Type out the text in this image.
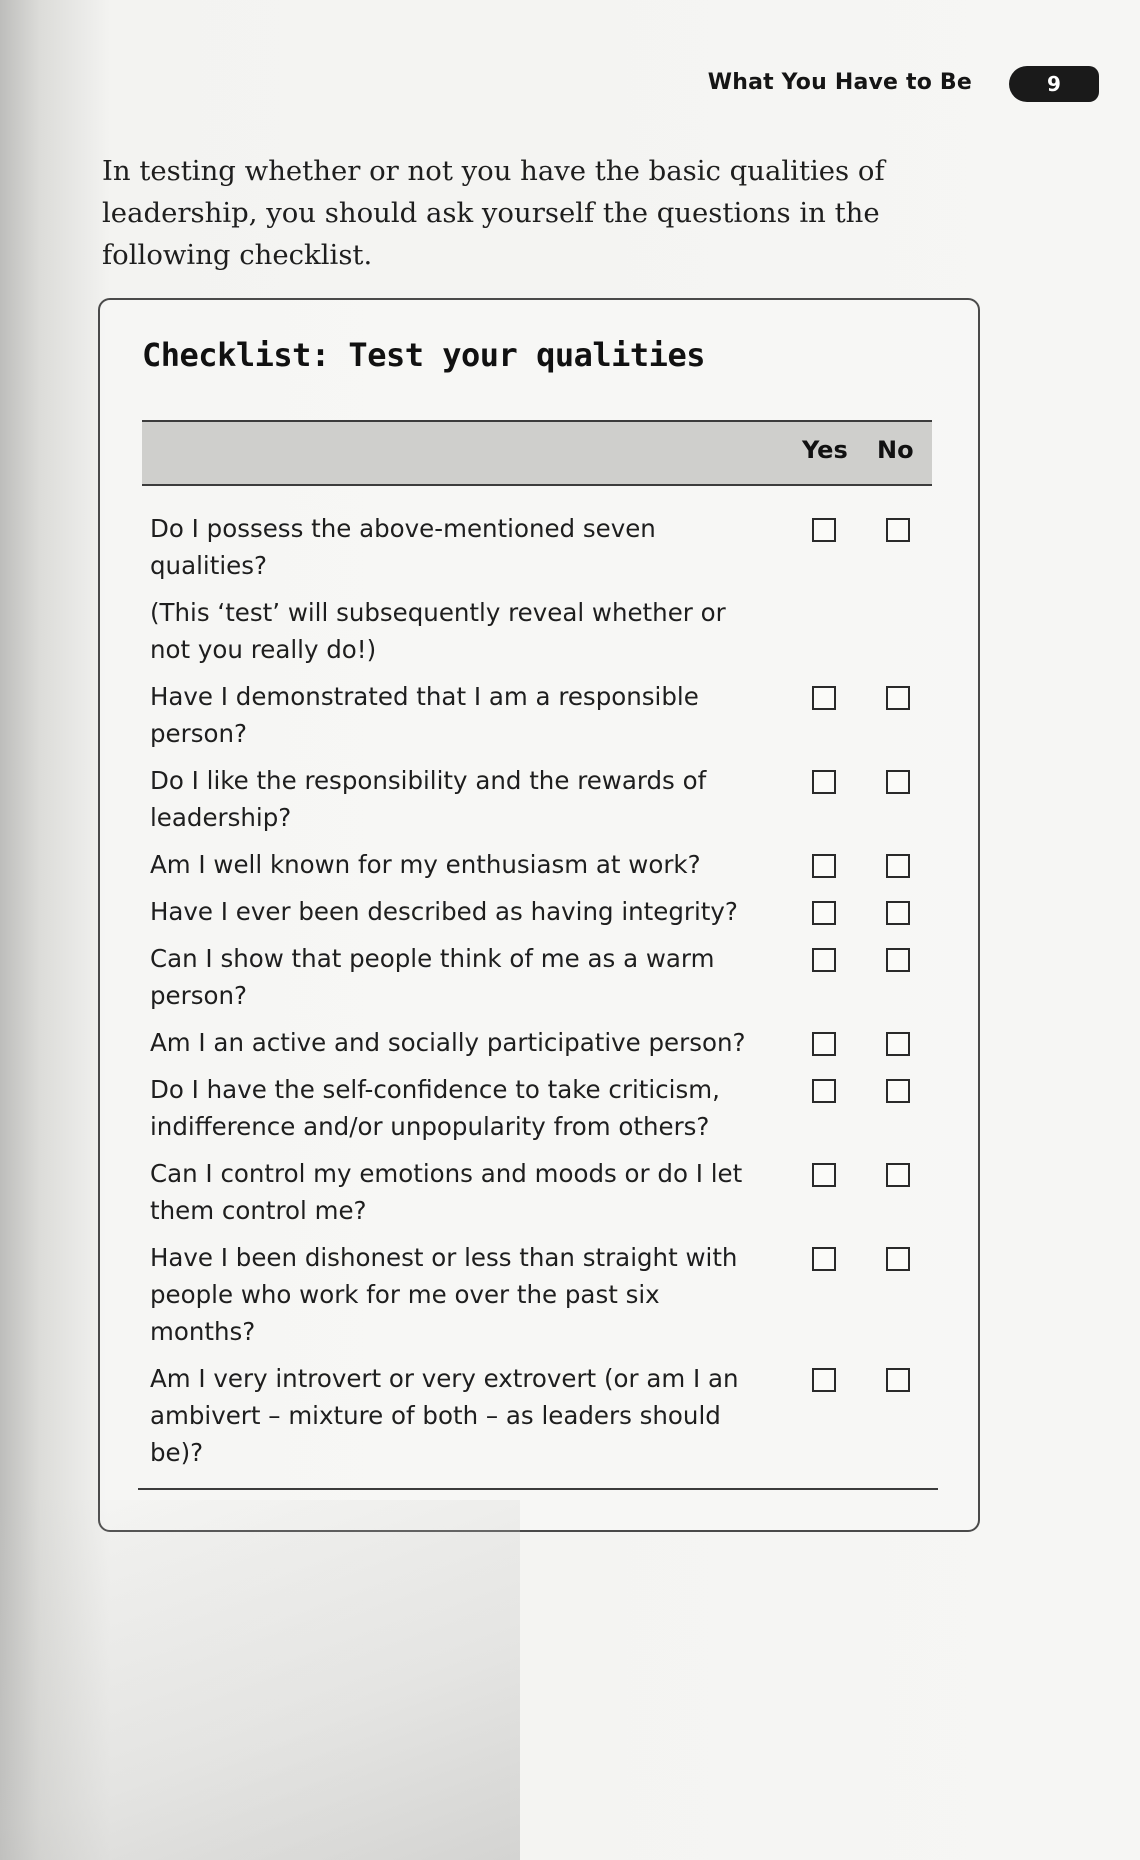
What You Have to Be	9

In testing whether or not you have the basic qualities of leadership, you should ask yourself the questions in the following checklist.

Checklist: Test your qualities
Yes No
Do I possess the above-mentioned seven qualities?
(This ‘test’ will subsequently reveal whether or not you really do!)
Have I demonstrated that I am a responsible person?
Do I like the responsibility and the rewards of leadership?
Am I well known for my enthusiasm at work?
Have I ever been described as having integrity?
Can I show that people think of me as a warm person?
Am I an active and socially participative person?
Do I have the self-confidence to take criticism, indifference and/or unpopularity from others?
Can I control my emotions and moods or do I let them control me?
Have I been dishonest or less than straight with people who work for me over the past six months?
Am I very introvert or very extrovert (or am I an ambivert – mixture of both – as leaders should be)?
